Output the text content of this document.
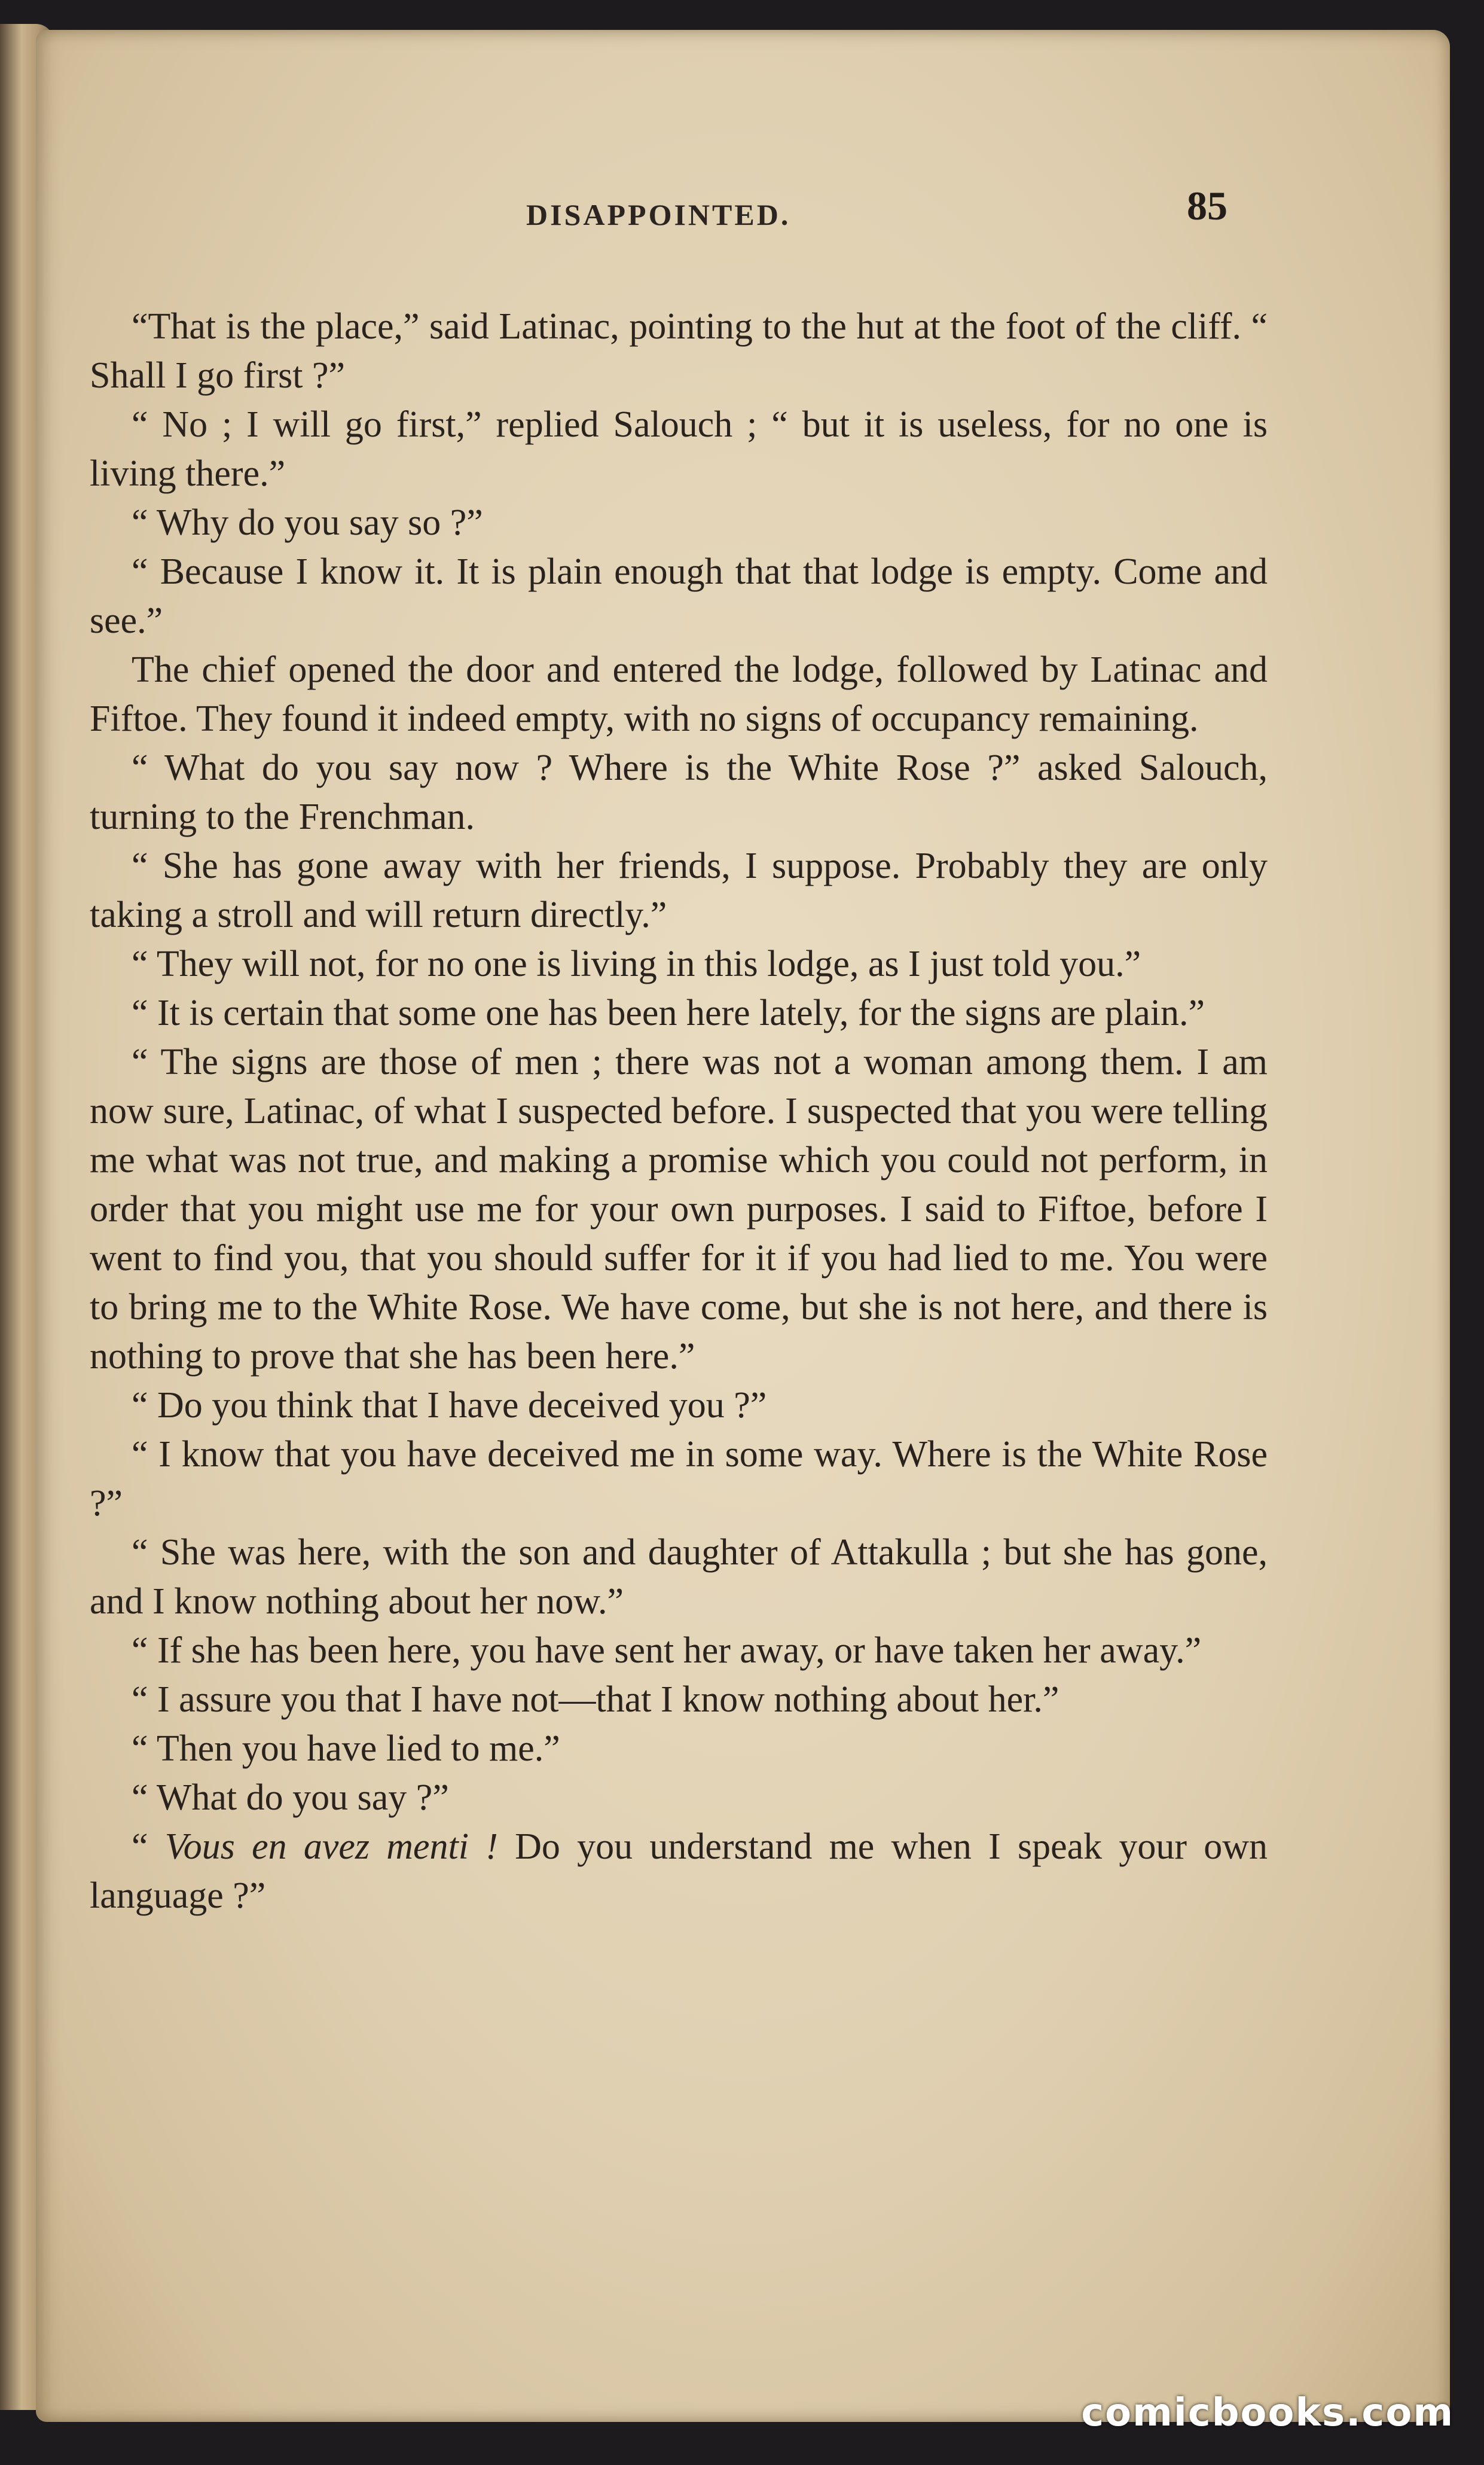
DISAPPOINTED.	85

“That is the place,” said Latinac, pointing to the hut at the foot of the cliff. “ Shall I go first ?”

“ No ; I will go first,” replied Salouch ; “ but it is useless, for no one is living there.”

“ Why do you say so ?”

“ Because I know it. It is plain enough that that lodge is empty. Come and see.”

The chief opened the door and entered the lodge, followed by Latinac and Fiftoe. They found it indeed empty, with no signs of occupancy remaining.

“ What do you say now ? Where is the White Rose ?” asked Salouch, turning to the Frenchman.

“ She has gone away with her friends, I suppose. Probably they are only taking a stroll and will return directly.”

“ They will not, for no one is living in this lodge, as I just told you.”

“ It is certain that some one has been here lately, for the signs are plain.”

“ The signs are those of men ; there was not a woman among them. I am now sure, Latinac, of what I suspected before. I suspected that you were telling me what was not true, and making a promise which you could not perform, in order that you might use me for your own purposes. I said to Fiftoe, before I went to find you, that you should suffer for it if you had lied to me. You were to bring me to the White Rose. We have come, but she is not here, and there is nothing to prove that she has been here.”

“ Do you think that I have deceived you ?”

“ I know that you have deceived me in some way. Where is the White Rose ?”

“ She was here, with the son and daughter of Attakulla ; but she has gone, and I know nothing about her now.”

“ If she has been here, you have sent her away, or have taken her away.”

“ I assure you that I have not—that I know nothing about her.”

“ Then you have lied to me.”

“ What do you say ?”

“ Vous en avez menti ! Do you understand me when I speak your own language ?”

comicbooks.com
